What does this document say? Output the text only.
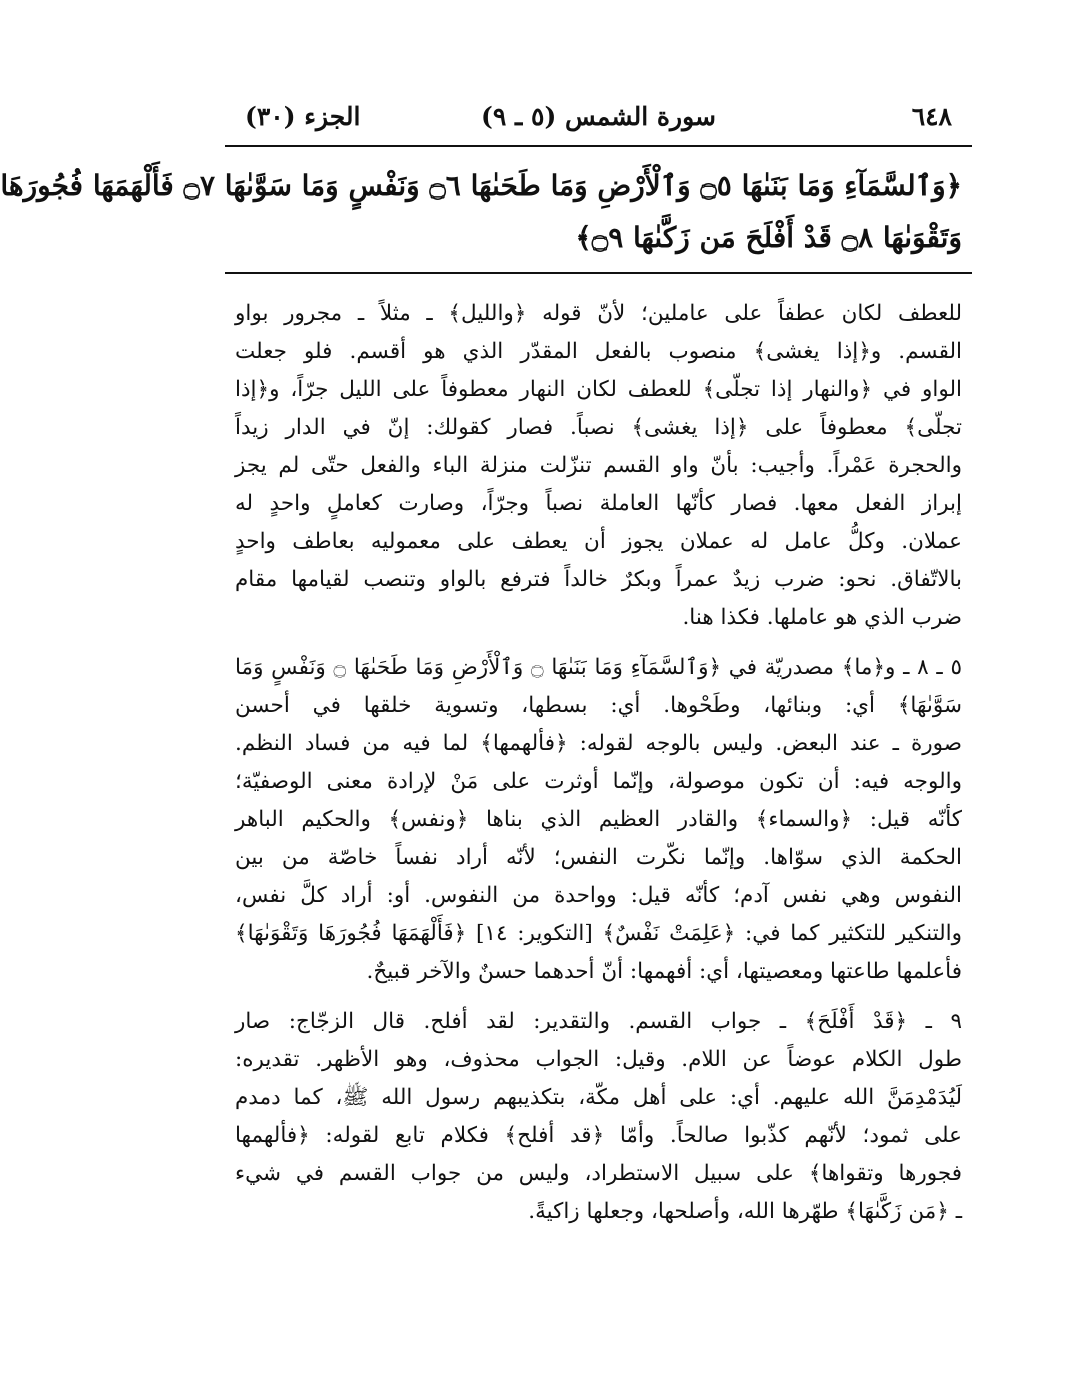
٦٤٨
سورة الشمس (٥ ـ ٩)
الجزء (٣٠)
﴿وَٱلسَّمَآءِ وَمَا بَنَىٰهَا ۝٥ وَٱلْأَرْضِ وَمَا طَحَىٰهَا ۝٦ وَنَفْسٍ وَمَا سَوَّىٰهَا ۝٧ فَأَلْهَمَهَا فُجُورَهَا
وَتَقْوَىٰهَا ۝٨ قَدْ أَفْلَحَ مَن زَكَّىٰهَا ۝٩﴾
للعطف لكان عطفاً على عاملين؛ لأنّ قوله ﴿والليل﴾ ـ مثلاً ـ مجرور بواو
القسم. و﴿إذا يغشى﴾ منصوب بالفعل المقدّر الذي هو أقسم. فلو جعلت
الواو في ﴿والنهار إذا تجلّى﴾ للعطف لكان النهار معطوفاً على الليل جرّاً، و﴿إذا
تجلّى﴾ معطوفاً على ﴿إذا يغشى﴾ نصباً. فصار كقولك: إنّ في الدار زيداً
والحجرة عَمْراً. وأجيب: بأنّ واو القسم تنزّلت منزلة الباء والفعل حتّى لم يجز
إبراز الفعل معها. فصار كأنّها العاملة نصباً وجرّاً، وصارت كعاملٍ واحدٍ له
عملان. وكلُّ عامل له عملان يجوز أن يعطف على معموليه بعاطف واحدٍ
بالاتّفاق. نحو: ضرب زيدٌ عمراً وبكرٌ خالداً فترفع بالواو وتنصب لقيامها مقام
ضرب الذي هو عاملها. فكذا هنا.
٥ ـ ٨ ـ و﴿ما﴾ مصدريّة في ﴿وَٱلسَّمَآءِ وَمَا بَنَىٰهَا ۝ وَٱلْأَرْضِ وَمَا طَحَىٰهَا ۝ وَنَفْسٍ وَمَا
سَوَّىٰهَا﴾ أي: وبنائها، وطَحْوها. أي: بسطها، وتسوية خلقها في أحسن
صورة ـ عند البعض. وليس بالوجه لقوله: ﴿فألهمها﴾ لما فيه من فساد النظم.
والوجه فيه: أن تكون موصولة، وإنّما أوثرت على مَنْ لإرادة معنى الوصفيّة؛
كأنّه قيل: ﴿والسماء﴾ والقادر العظيم الذي بناها ﴿ونفس﴾ والحكيم الباهر
الحكمة الذي سوّاها. وإنّما نكّرت النفس؛ لأنّه أراد نفساً خاصّة من بين
النفوس وهي نفس آدم؛ كأنّه قيل: وواحدة من النفوس. أو: أراد كلَّ نفس،
والتنكير للتكثير كما في: ﴿عَلِمَتْ نَفْسٌ﴾ [التكوير: ١٤] ﴿فَأَلْهَمَهَا فُجُورَهَا وَتَقْوَىٰهَا﴾
فأعلمها طاعتها ومعصيتها، أي: أفهمها: أنّ أحدهما حسنٌ والآخر قبيحٌ.
٩ ـ ﴿قَدْ أَفْلَحَ﴾ ـ جواب القسم. والتقدير: لقد أفلح. قال الزجّاج: صار
طول الكلام عوضاً عن اللام. وقيل: الجواب محذوف، وهو الأظهر. تقديره:
لَيُدَمْدِمَنَّ الله عليهم. أي: على أهل مكّة، بتكذيبهم رسول الله ﷺ، كما دمدم
على ثمود؛ لأنّهم كذّبوا صالحاً. وأمّا ﴿قد أفلح﴾ فكلام تابع لقوله: ﴿فألهمها
فجورها وتقواها﴾ على سبيل الاستطراد، وليس من جواب القسم في شيء
ـ ﴿مَن زَكَّىٰهَا﴾ طهّرها الله، وأصلحها، وجعلها زاكيةً.
